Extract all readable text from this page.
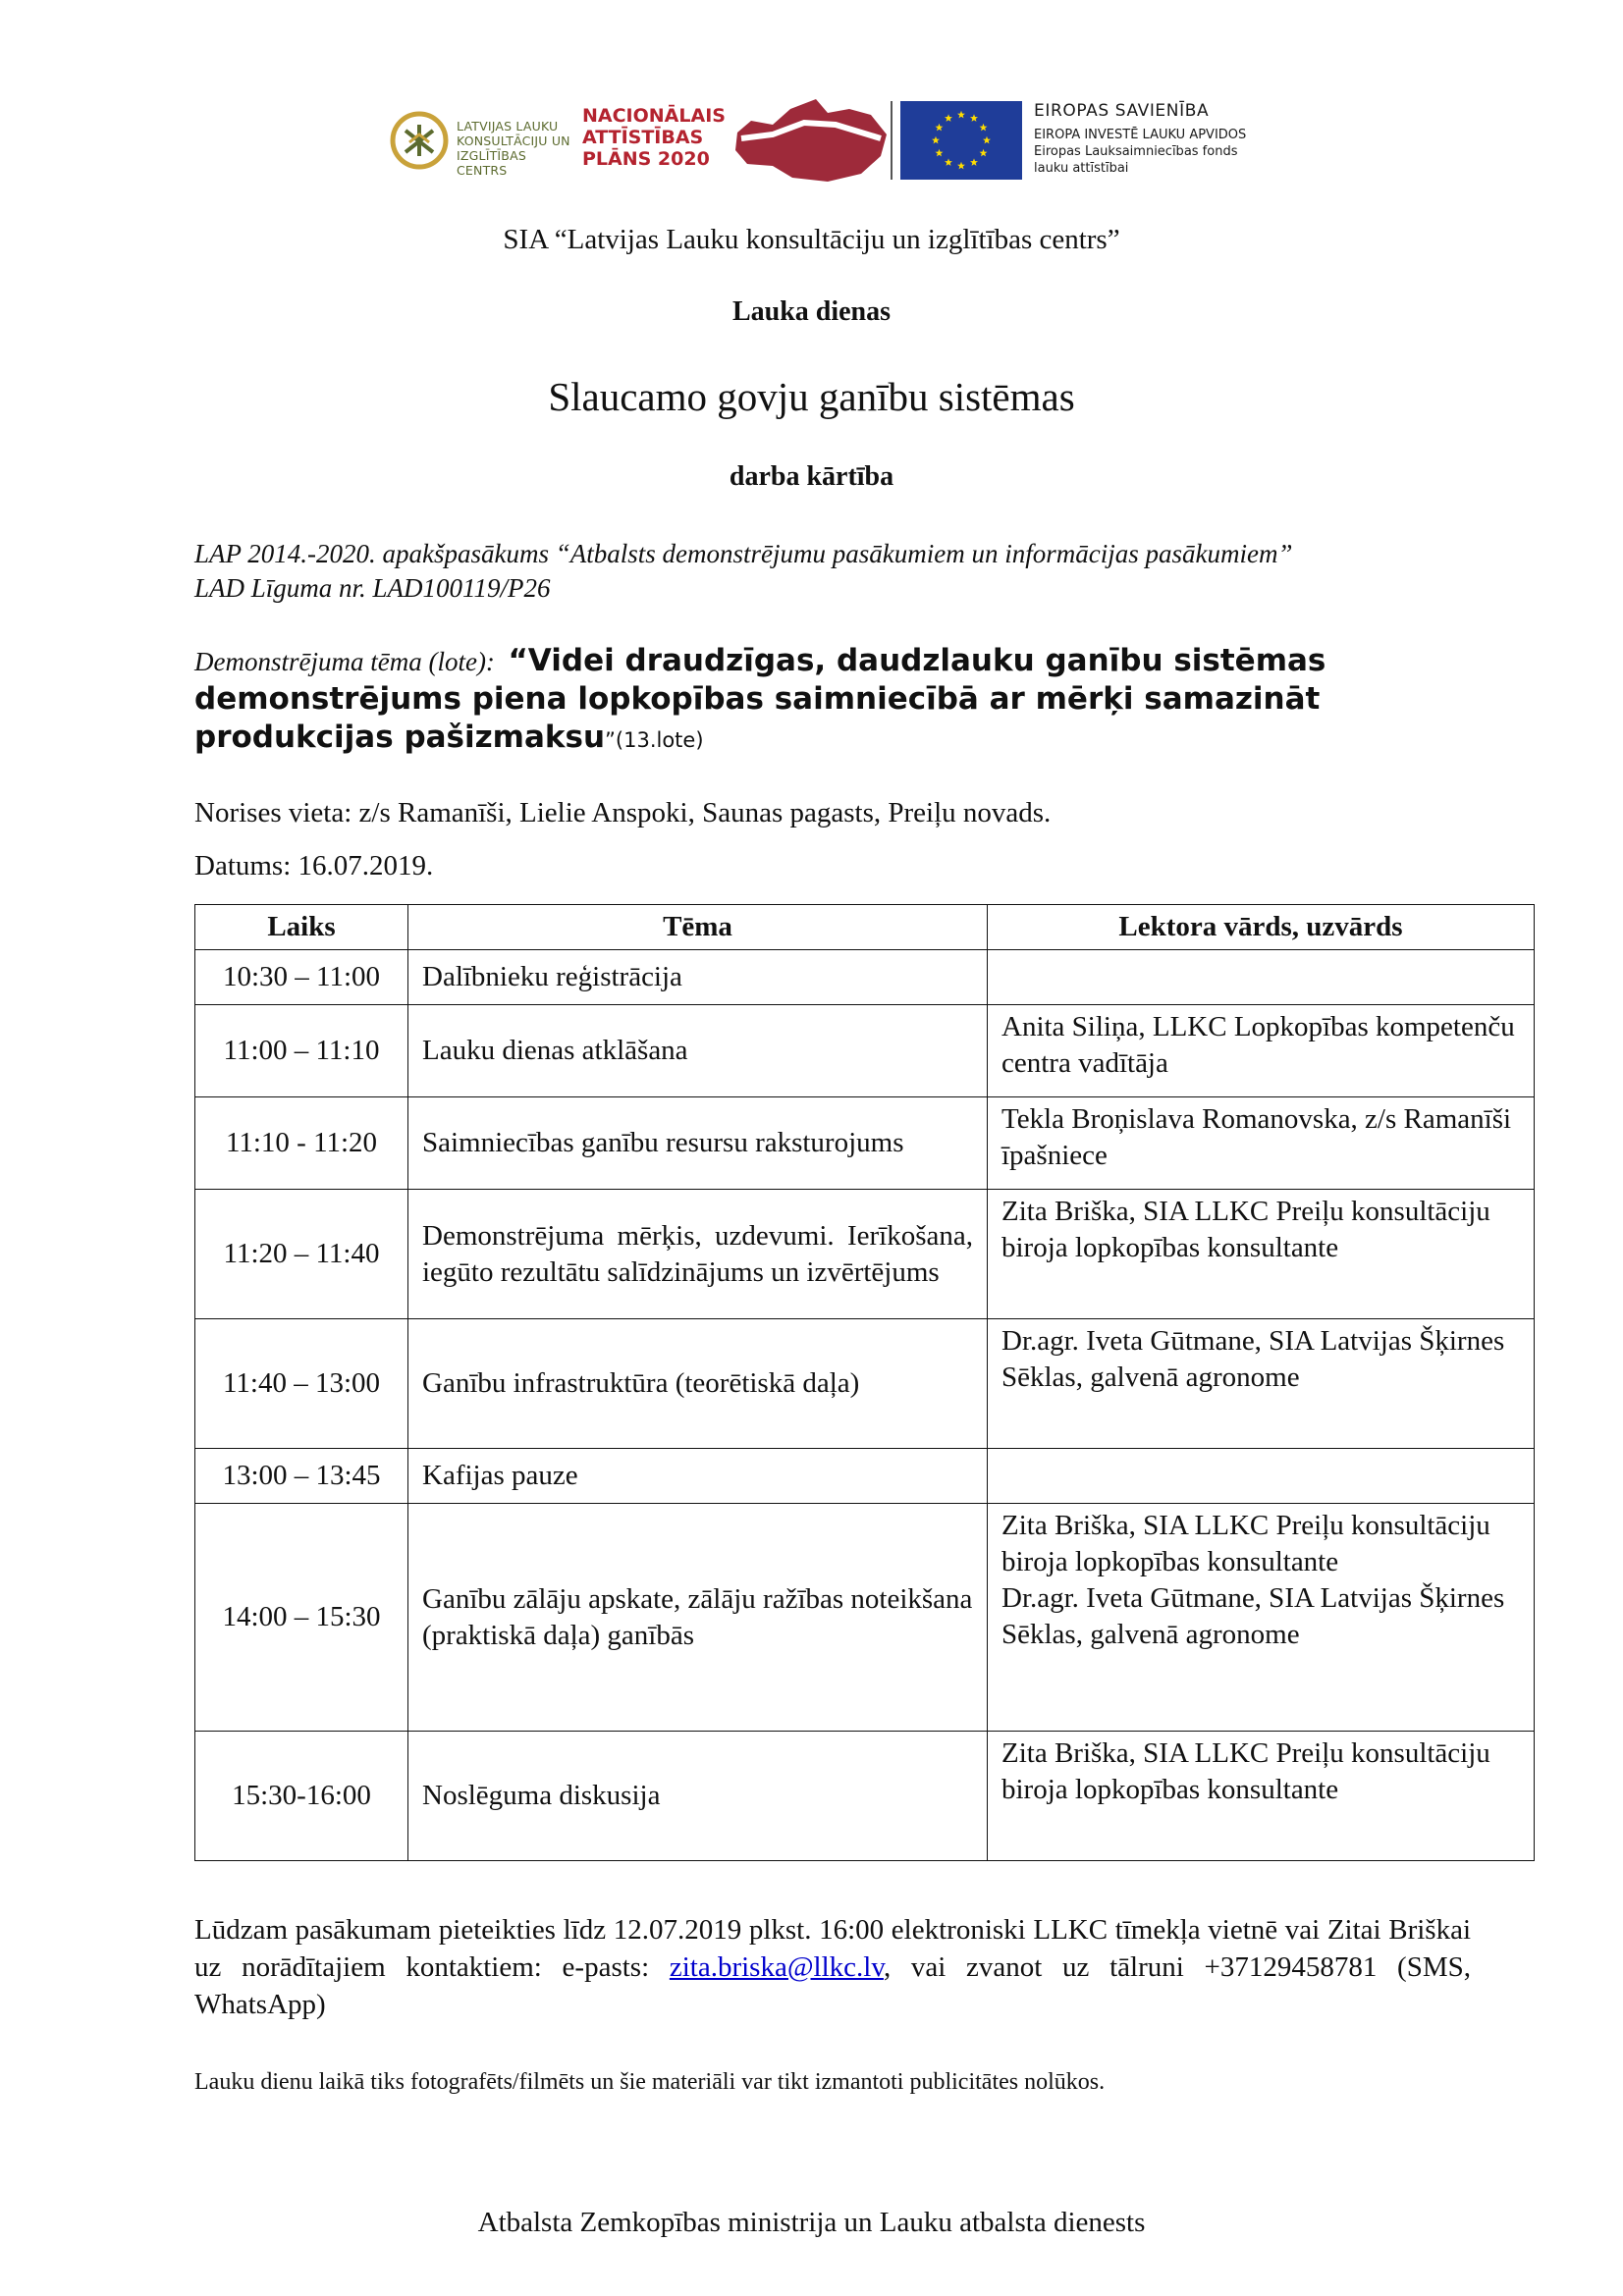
LATVIJAS LAUKU
KONSULTĀCIJU UN
IZGLĪTĪBAS CENTRS
NACIONĀLAIS
ATTĪSTĪBAS
PLĀNS 2020
EIROPAS SAVIENĪBA
EIROPA INVESTĒ LAUKU APVIDOS
Eiropas Lauksaimniecības fonds
lauku attīstībai
SIA “Latvijas Lauku konsultāciju un izglītības centrs”
Lauka dienas
Slaucamo govju ganību sistēmas
darba kārtība
LAP 2014.-2020. apakšpasākums “Atbalsts demonstrējumu pasākumiem un informācijas pasākumiem”
LAD Līguma nr. LAD100119/P26
Demonstrējuma tēma (lote): “Videi draudzīgas, daudzlauku ganību sistēmas demonstrējums piena lopkopības saimniecībā ar mērķi samazināt produkcijas pašizmaksu”(13.lote)
Norises vieta: z/s Ramanīši, Lielie Anspoki, Saunas pagasts, Preiļu novads.
Datums: 16.07.2019.
Laiks	Tēma	Lektora vārds, uzvārds
10:30 – 11:00	Dalībnieku reģistrācija	
11:00 – 11:10	Lauku dienas atklāšana	Anita Siliņa, LLKC Lopkopības kompetenču centra vadītāja
11:10 - 11:20	Saimniecības ganību resursu raksturojums	Tekla Broņislava Romanovska, z/s Ramanīši īpašniece
11:20 – 11:40	Demonstrējuma mērķis, uzdevumi. Ierīkošana, iegūto rezultātu salīdzinājums un izvērtējums	Zita Briška, SIA LLKC Preiļu konsultāciju biroja lopkopības konsultante
11:40 – 13:00	Ganību infrastruktūra (teorētiskā daļa)	Dr.agr. Iveta Gūtmane, SIA Latvijas Šķirnes Sēklas, galvenā agronome
13:00 – 13:45	Kafijas pauze	
14:00 – 15:30	Ganību zālāju apskate, zālāju ražības noteikšana (praktiskā daļa) ganībās	Zita Briška, SIA LLKC Preiļu konsultāciju biroja lopkopības konsultante
Dr.agr. Iveta Gūtmane, SIA Latvijas Šķirnes Sēklas, galvenā agronome

15:30-16:00	Noslēguma diskusija	Zita Briška, SIA LLKC Preiļu konsultāciju biroja lopkopības konsultante
Lūdzam pasākumam pieteikties līdz 12.07.2019 plkst. 16:00 elektroniski LLKC tīmekļa vietnē vai Zitai Briškai uz norādītajiem kontaktiem: e-pasts: zita.briska@llkc.lv, vai zvanot uz tālruni +37129458781 (SMS, WhatsApp)
Lauku dienu laikā tiks fotografēts/filmēts un šie materiāli var tikt izmantoti publicitātes nolūkos.
Atbalsta Zemkopības ministrija un Lauku atbalsta dienests
